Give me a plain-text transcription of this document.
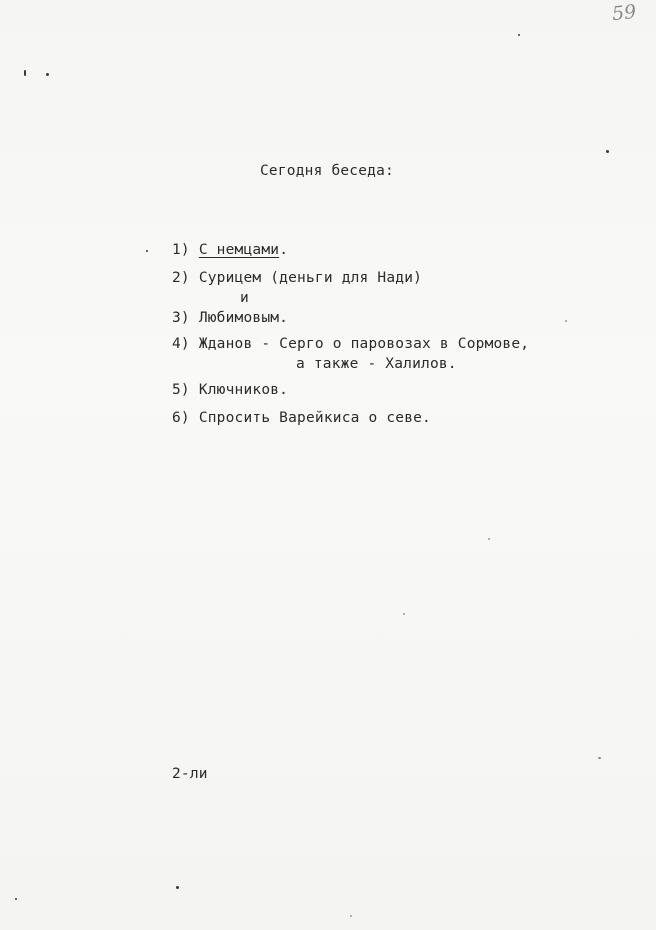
59
Сегодня беседа:
1) С немцами.
2) Сурицем (деньги для Нади)
и
3) Любимовым.
4) Жданов - Серго о паровозах в Сормове,
а также - Халилов.
5) Ключников.
6) Спросить Варейкиса о севе.
2-ли
